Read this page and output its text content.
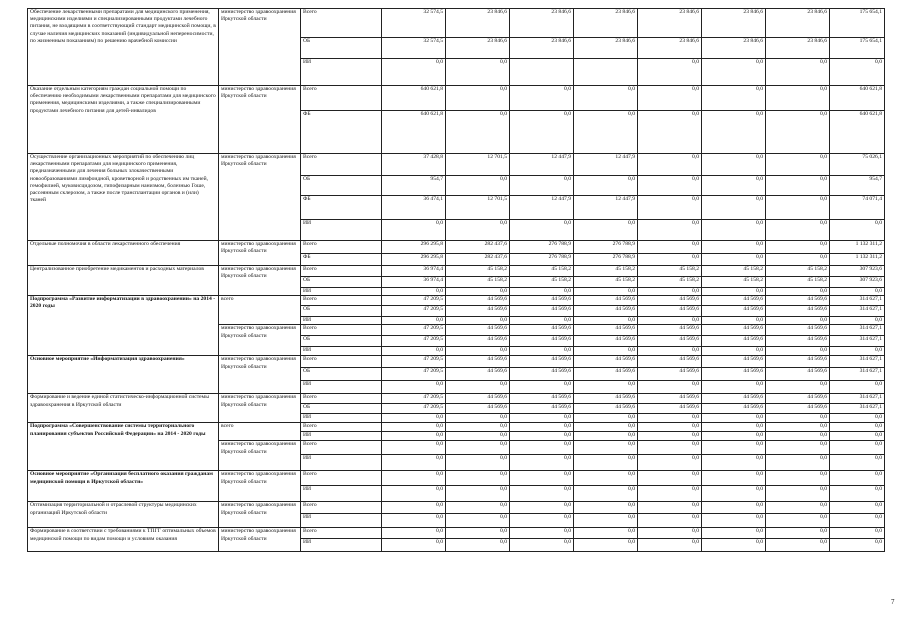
Обеспечение лекарственными препаратами для медицинского применения, медицинскими изделиями и специализированными продуктами лечебного питания, не входящими в соответствующий стандарт медицинской помощи, в случае наличия медицинских показаний (индивидуальной непереносимости, по жизненным показаниям) по решению врачебной комиссии	министерство здравоохранения Иркутской области	Всего	32 574,5	23 846,6	23 846,6	23 846,6	23 846,6	23 846,6	23 846,6	175 654,1
		ОБ	32 574,5	23 846,6	23 846,6	23 846,6	23 846,6	23 846,6	23 846,6	175 654,1
		ИИ	0,0	0,0			0,0	0,0	0,0	0,0
Оказание отдельным категориям граждан социальной помощи по обеспечению необходимыми лекарственными препаратами для медицинского применения, медицинскими изделиями, а также специализированными продуктами лечебного питания для детей-инвалидов	министерство здравоохранения Иркутской области	Всего	640 621,8	0,0	0,0	0,0	0,0	0,0	0,0	640 621,8
		ФБ	640 621,8	0,0	0,0	0,0	0,0	0,0	0,0	640 621,8
Осуществление организационных мероприятий по обеспечению лиц лекарственными препаратами для медицинского применения, предназначенными для лечения больных злокачественными новообразованиями лимфоидной, кроветворной и родственных им тканей, гемофилией, муковисцидозом, гипофизарным нанизмом, болезнью Гоше, рассеянным склерозом, а также после трансплантации органов и (или) тканей	министерство здравоохранения Иркутской области	Всего	37 428,8	12 701,5	12 447,9	12 447,9	0,0	0,0	0,0	75 026,1
		ОБ	954,7	0,0	0,0	0,0	0,0	0,0	0,0	954,7
		ФБ	36 474,1	12 701,5	12 447,9	12 447,9	0,0	0,0	0,0	74 071,4
		ИИ	0,0	0,0	0,0	0,0	0,0	0,0	0,0	0,0
Отдельные полномочия в области лекарственного обеспечения	министерство здравоохранения Иркутской области	Всего	296 295,8	282 437,6	276 788,9	276 788,9	0,0	0,0	0,0	1 132 311,2
		ФБ	296 295,8	282 437,6	276 788,9	276 788,9	0,0	0,0	0,0	1 132 311,2
Централизованное приобретение медикаментов и расходных материалов	министерство здравоохранения Иркутской области	Всего	36 974,4	45 158,2	45 158,2	45 158,2	45 158,2	45 158,2	45 158,2	307 923,6
		ОБ	36 974,4	45 158,2	45 158,2	45 158,2	45 158,2	45 158,2	45 158,2	307 923,6
		ИИ	0,0	0,0	0,0	0,0	0,0	0,0	0,0	0,0
Подпрограмма «Развитие информатизации в здравоохранении» на 2014 - 2020 годы	всего	Всего	47 209,5	44 569,6	44 569,6	44 569,6	44 569,6	44 569,6	44 569,6	314 627,1
		ОБ	47 209,5	44 569,6	44 569,6	44 569,6	44 569,6	44 569,6	44 569,6	314 627,1
		ИИ	0,0	0,0	0,0	0,0	0,0	0,0	0,0	0,0
	министерство здравоохранения Иркутской области	Всего	47 209,5	44 569,6	44 569,6	44 569,6	44 569,6	44 569,6	44 569,6	314 627,1
		ОБ	47 209,5	44 569,6	44 569,6	44 569,6	44 569,6	44 569,6	44 569,6	314 627,1
		ИИ	0,0	0,0	0,0	0,0	0,0	0,0	0,0	0,0
Основное мероприятие «Информатизация здравоохранения»	министерство здравоохранения Иркутской области	Всего	47 209,5	44 569,6	44 569,6	44 569,6	44 569,6	44 569,6	44 569,6	314 627,1
		ОБ	47 209,5	44 569,6	44 569,6	44 569,6	44 569,6	44 569,6	44 569,6	314 627,1
		ИИ	0,0	0,0	0,0	0,0	0,0	0,0	0,0	0,0
Формирование и ведение единой статистическо-информационной системы здравоохранения в Иркутской области	министерство здравоохранения Иркутской области	Всего	47 209,5	44 569,6	44 569,6	44 569,6	44 569,6	44 569,6	44 569,6	314 627,1
		ОБ	47 209,5	44 569,6	44 569,6	44 569,6	44 569,6	44 569,6	44 569,6	314 627,1
		ИИ	0,0	0,0	0,0	0,0	0,0	0,0	0,0	0,0
Подпрограмма «Совершенствование системы территориального планирования субъектов Российской Федерации» на 2014 - 2020 годы	всего	Всего	0,0	0,0	0,0	0,0	0,0	0,0	0,0	0,0
		ИИ	0,0	0,0	0,0	0,0	0,0	0,0	0,0	0,0
	министерство здравоохранения Иркутской области	Всего	0,0	0,0	0,0	0,0	0,0	0,0	0,0	0,0
		ИИ	0,0	0,0	0,0	0,0	0,0	0,0	0,0	0,0
Основное мероприятие «Организация бесплатного оказания гражданам медицинской помощи в Иркутской области»	министерство здравоохранения Иркутской области	Всего	0,0	0,0	0,0	0,0	0,0	0,0	0,0	0,0
		ИИ	0,0	0,0	0,0	0,0	0,0	0,0	0,0	0,0
Оптимизация территориальной и отраслевой структуры медицинских организаций Иркутской области	министерство здравоохранения Иркутской области	Всего	0,0	0,0	0,0	0,0	0,0	0,0	0,0	0,0
		ИИ	0,0	0,0	0,0	0,0	0,0	0,0	0,0	0,0
Формирование в соответствии с требованиями к ТПГГ оптимальных объемов медицинской помощи по видам помощи и условиям оказания	министерство здравоохранения Иркутской области	Всего	0,0	0,0	0,0	0,0	0,0	0,0	0,0	0,0
		ИИ	0,0	0,0	0,0	0,0	0,0	0,0	0,0	0,0
7
